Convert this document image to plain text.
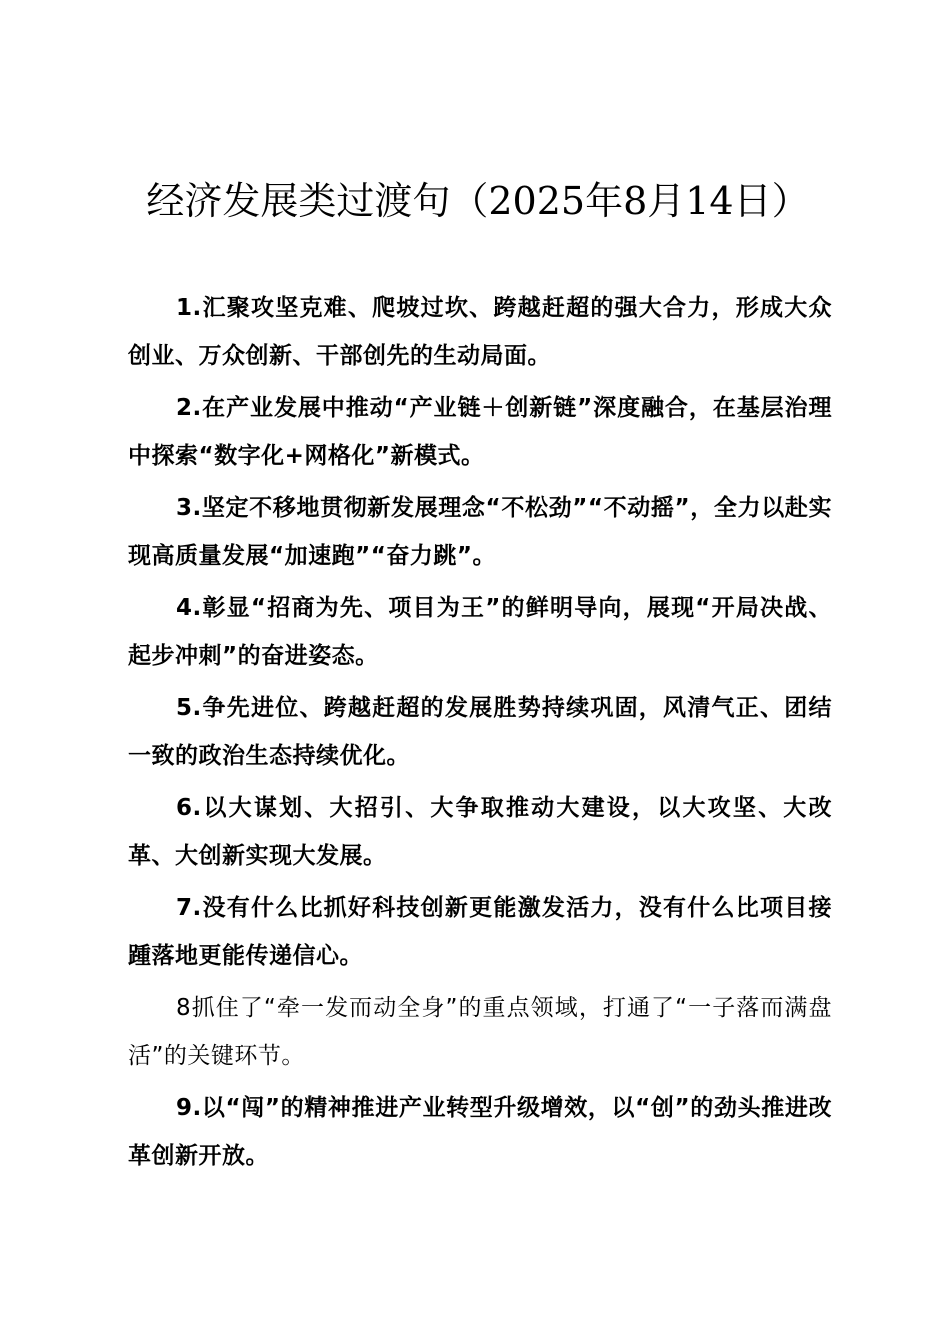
经济发展类过渡句（2025年8月14日）

1.汇聚攻坚克难、爬坡过坎、跨越赶超的强大合力，形成大众创业、万众创新、干部创先的生动局面。

2.在产业发展中推动“产业链＋创新链”深度融合，在基层治理中探索“数字化+网格化”新模式。

3.坚定不移地贯彻新发展理念“不松劲”“不动摇”，全力以赴实现高质量发展“加速跑”“奋力跳”。

4.彰显“招商为先、项目为王”的鲜明导向，展现“开局决战、起步冲刺”的奋进姿态。

5.争先进位、跨越赶超的发展胜势持续巩固，风清气正、团结一致的政治生态持续优化。

6.以大谋划、大招引、大争取推动大建设，以大攻坚、大改革、大创新实现大发展。

7.没有什么比抓好科技创新更能激发活力，没有什么比项目接踵落地更能传递信心。

8抓住了“牵一发而动全身”的重点领域，打通了“一子落而满盘活”的关键环节。

9.以“闯”的精神推进产业转型升级增效，以“创”的劲头推进改革创新开放。
